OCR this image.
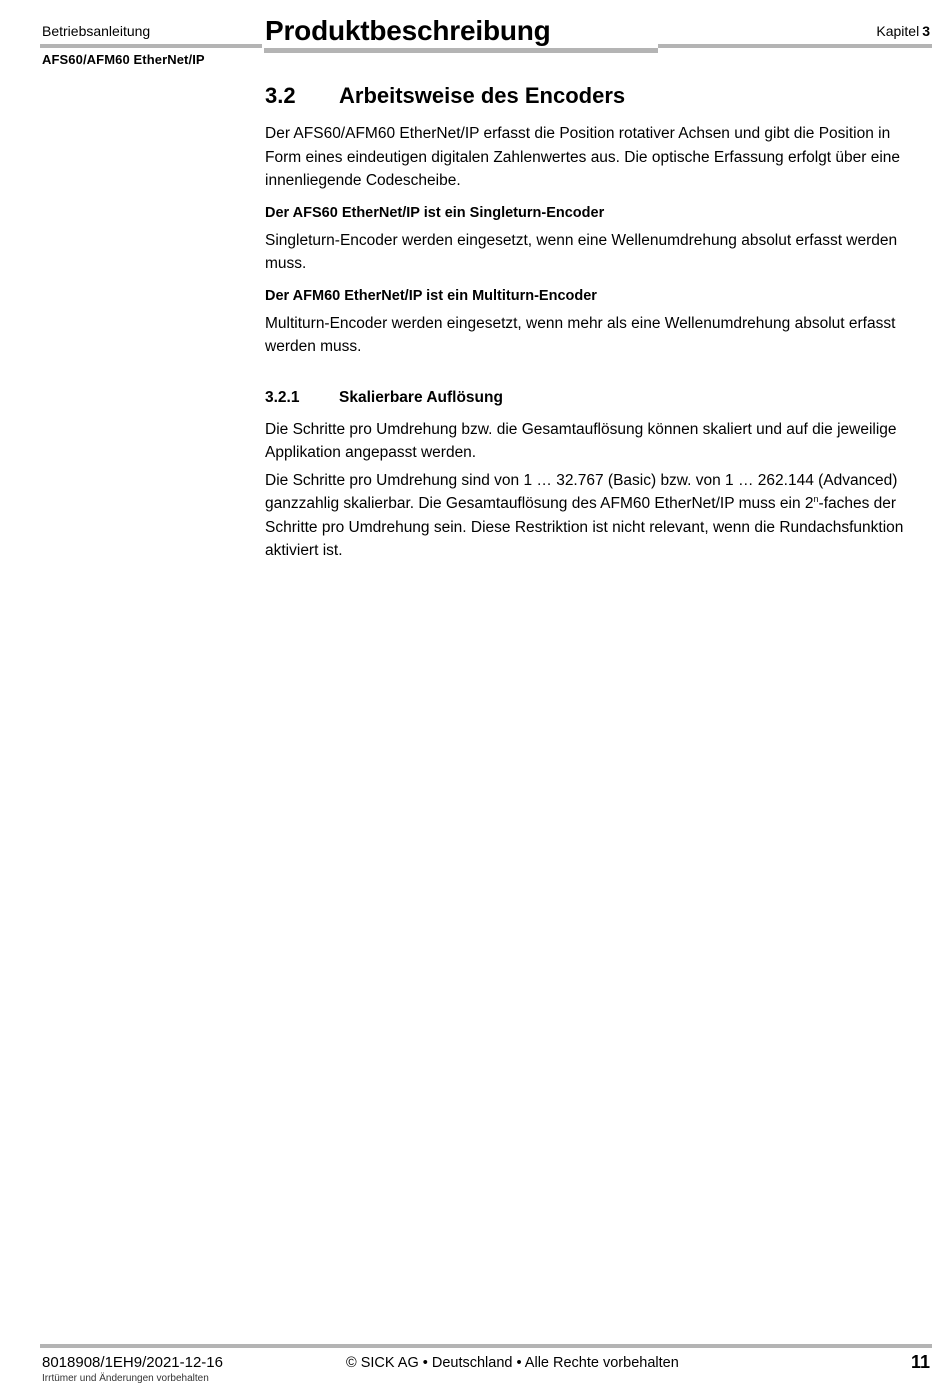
Betriebsanleitung
AFS60/AFM60 EtherNet/IP
Produktbeschreibung	Kapitel 3
3.2	Arbeitsweise des Encoders

Der AFS60/AFM60 EtherNet/IP erfasst die Position rotativer Achsen und gibt die Position in Form eines eindeutigen digitalen Zahlenwertes aus. Die optische Erfassung erfolgt über eine innenliegende Codescheibe.

Der AFS60 EtherNet/IP ist ein Singleturn-Encoder

Singleturn-Encoder werden eingesetzt, wenn eine Wellenumdrehung absolut erfasst werden muss.

Der AFM60 EtherNet/IP ist ein Multiturn-Encoder

Multiturn-Encoder werden eingesetzt, wenn mehr als eine Wellenumdrehung absolut erfasst werden muss.

3.2.1	Skalierbare Auflösung

Die Schritte pro Umdrehung bzw. die Gesamtauflösung können skaliert und auf die jeweilige Applikation angepasst werden.

Die Schritte pro Umdrehung sind von 1 … 32.767 (Basic) bzw. von 1 … 262.144 (Advanced) ganzzahlig skalierbar. Die Gesamtauflösung des AFM60 EtherNet/IP muss ein 2$^n$-faches der Schritte pro Umdrehung sein. Diese Restriktion ist nicht relevant, wenn die Rundachsfunktion aktiviert ist.

8018908/1EH9/2021-12-16
Irrtümer und Änderungen vorbehalten
© SICK AG • Deutschland • Alle Rechte vorbehalten	11
